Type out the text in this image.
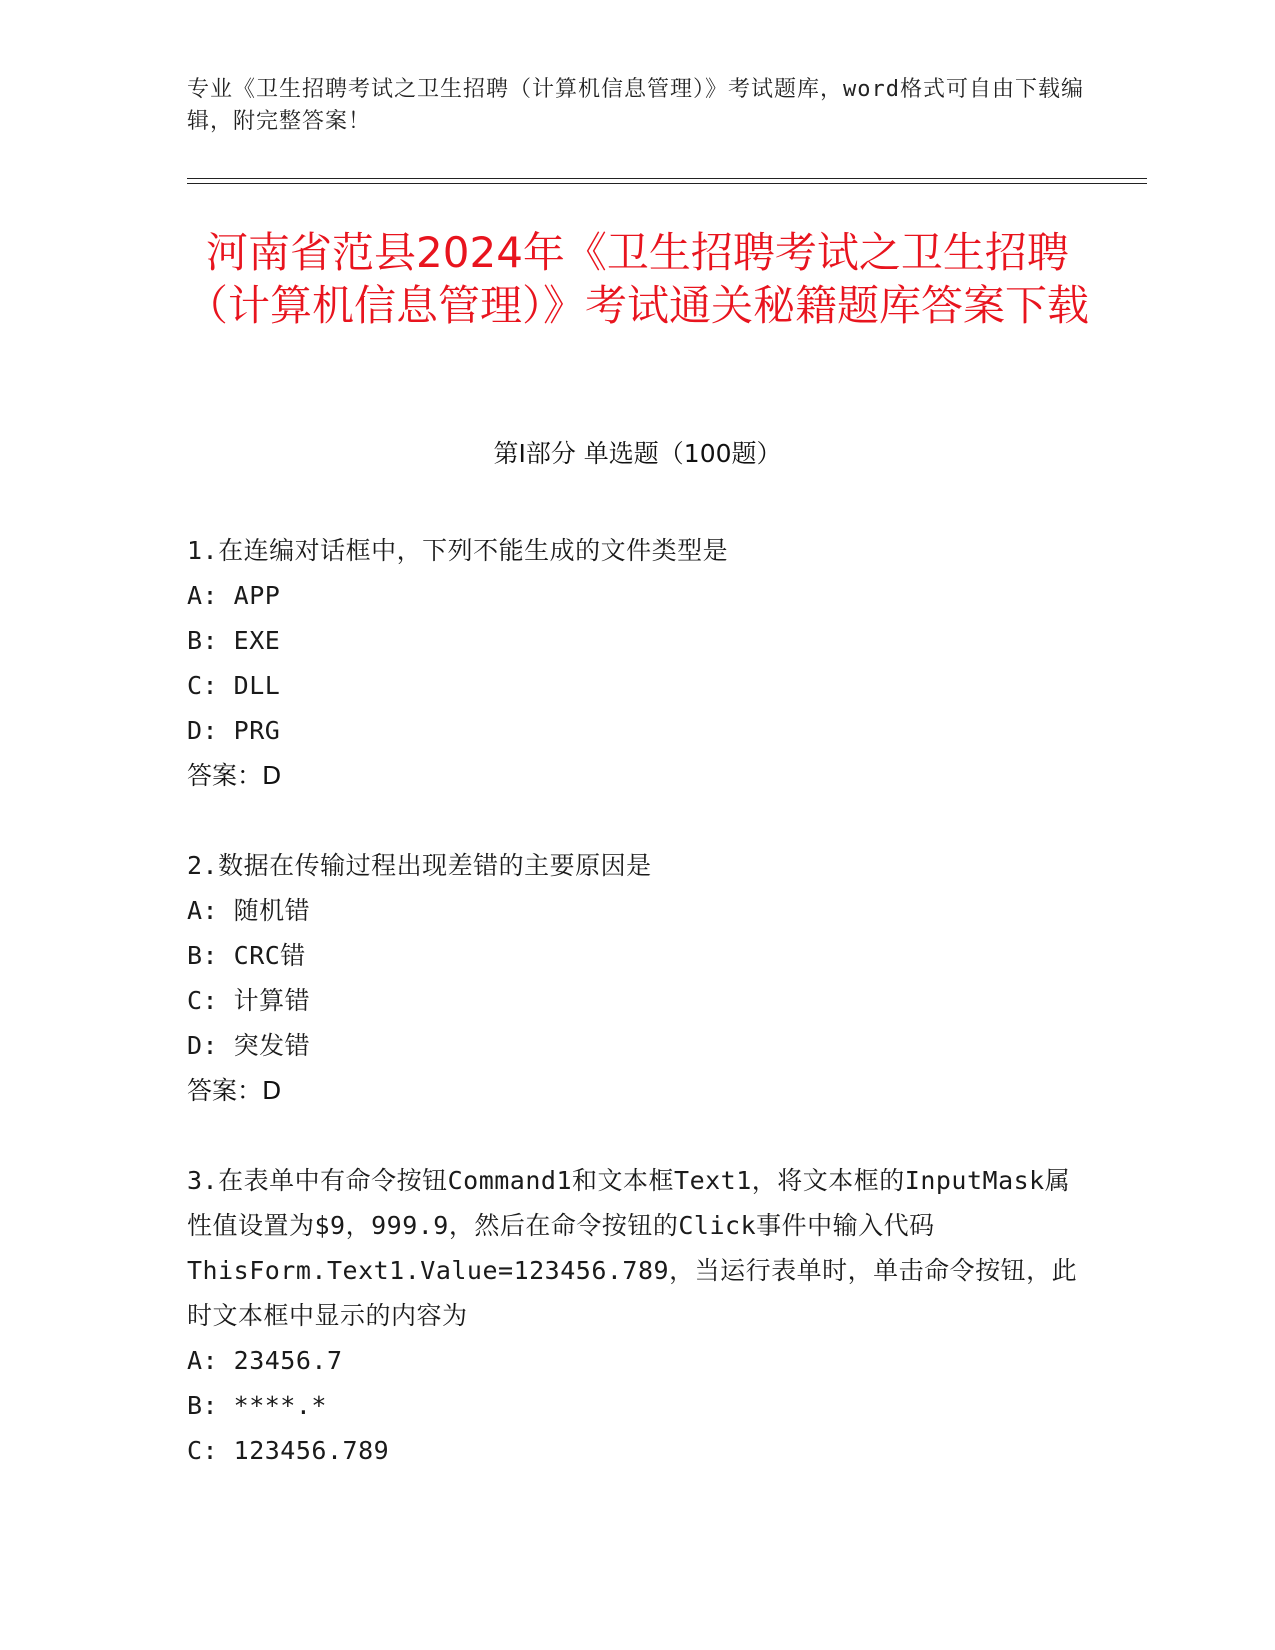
专业《卫生招聘考试之卫生招聘（计算机信息管理）》考试题库，word格式可自由下载编辑，附完整答案！
河南省范县2024年《卫生招聘考试之卫生招聘（计算机信息管理）》考试通关秘籍题库答案下载
第Ⅰ部分 单选题（100题）
1.在连编对话框中，下列不能生成的文件类型是
A: APP
B: EXE
C: DLL
D: PRG
答案：D
2.数据在传输过程出现差错的主要原因是
A: 随机错
B: CRC错
C: 计算错
D: 突发错
答案：D
3.在表单中有命令按钮Command1和文本框Text1，将文本框的InputMask属性值设置为$9，999.9，然后在命令按钮的Click事件中输入代码ThisForm.Text1.Value=123456.789，当运行表单时，单击命令按钮，此时文本框中显示的内容为
A: 23456.7
B: ****.*
C: 123456.789
